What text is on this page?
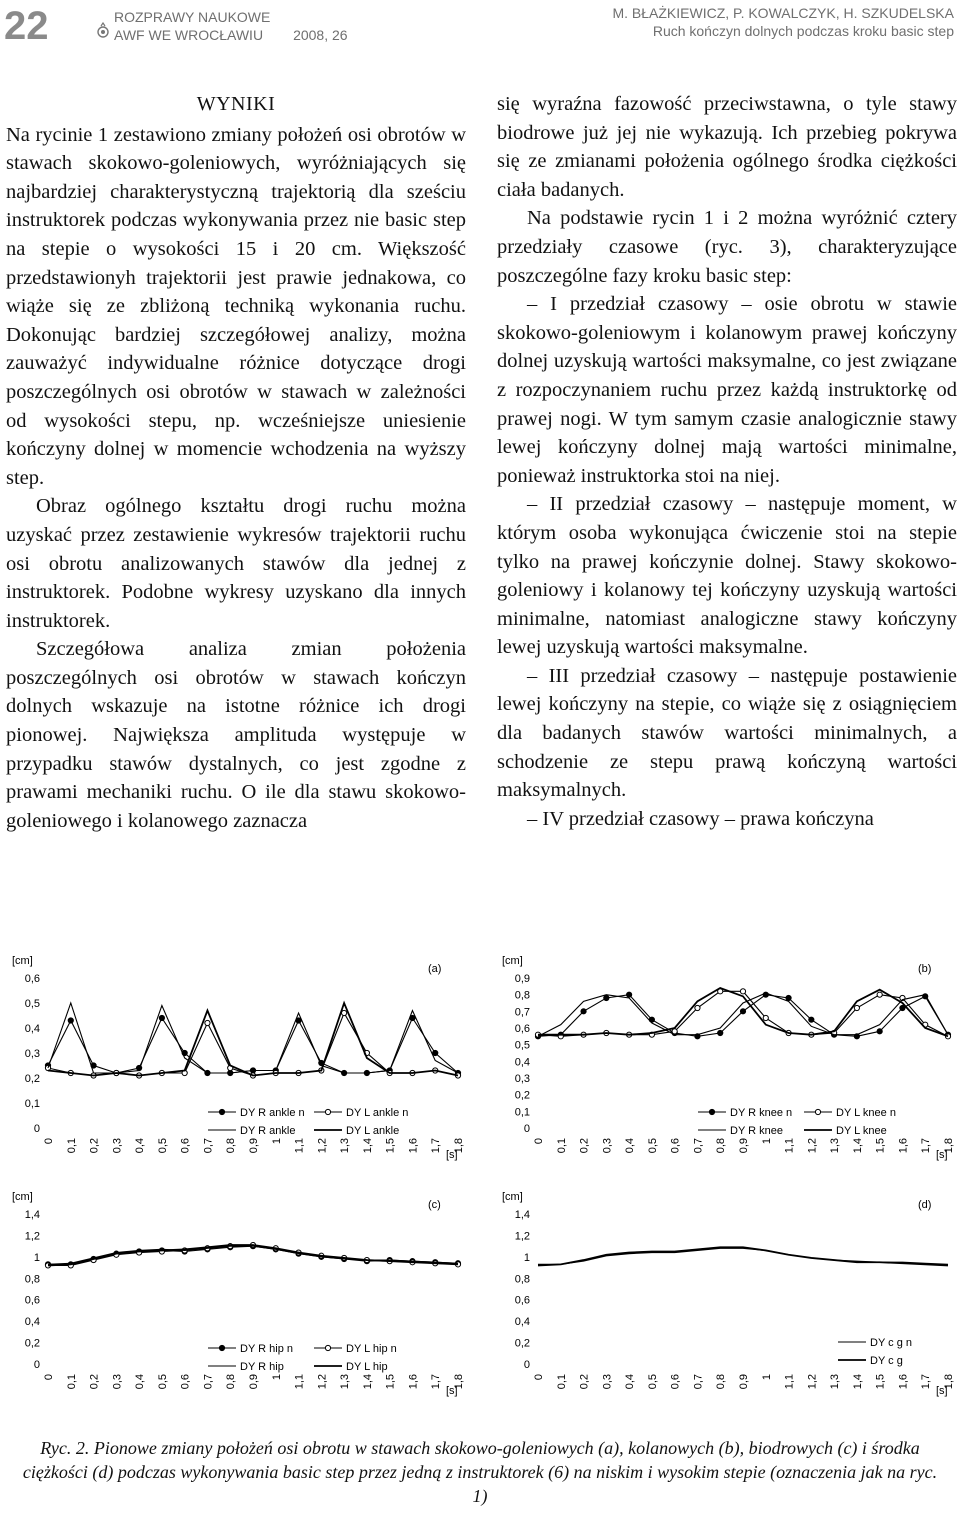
22	ROZPRAWY NAUKOWE
AWF WE WROCŁAWIU 2008, 26
M. BŁAŻKIEWICZ, P. KOWALCZYK, H. SZKUDELSKA
Ruch kończyn dolnych podczas kroku basic step
WYNIKI

Na rycinie 1 zestawiono zmiany położeń osi obrotów w stawach skokowo-goleniowych, wyróżniających się najbardziej charakterystyczną trajektorią dla sześciu instruktorek podczas wykonywania przez nie basic step na stepie o wysokości 15 i 20 cm. Większość przedstawionyh trajektorii jest prawie jednakowa, co wiąże się ze zbliżoną techniką wykonania ruchu. Dokonując bardziej szczegółowej analizy, można zauważyć indywidualne różnice dotyczące drogi poszczególnych osi obrotów w stawach w zależności od wysokości stepu, np. wcześniejsze uniesienie kończyny dolnej w momencie wchodzenia na wyższy step.

Obraz ogólnego kształtu drogi ruchu można uzyskać przez zestawienie wykresów trajektorii ruchu osi obrotu analizowanych stawów dla jednej z instruktorek. Podobne wykresy uzyskano dla innych instruktorek.

Szczegółowa analiza zmian położenia poszczególnych osi obrotów w stawach kończyn dolnych wskazuje na istotne różnice ich drogi pionowej. Największa amplituda występuje w przypadku stawów dystalnych, co jest zgodne z prawami mechaniki ruchu. O ile dla stawu skokowo-goleniowego i kolanowego zaznacza

się wyraźna fazowość przeciwstawna, o tyle stawy biodrowe już jej nie wykazują. Ich przebieg pokrywa się ze zmianami położenia ogólnego środka ciężkości ciała badanych.

Na podstawie rycin 1 i 2 można wyróżnić cztery przedziały czasowe (ryc. 3), charakteryzujące poszczególne fazy kroku basic step:

– I przedział czasowy – osie obrotu w stawie skokowo-goleniowym i kolanowym prawej kończyny dolnej uzyskują wartości maksymalne, co jest związane z rozpoczynaniem ruchu przez każdą instruktorkę od prawej nogi. W tym samym czasie analogicznie stawy lewej kończyny dolnej mają wartości minimalne, ponieważ instruktorka stoi na niej.

– II przedział czasowy – następuje moment, w którym osoba wykonująca ćwiczenie stoi na stepie tylko na prawej kończynie dolnej. Stawy skokowo-goleniowy i kolanowy tej kończyny uzyskują wartości minimalne, natomiast analogiczne stawy kończyny lewej uzyskują wartości maksymalne.

– III przedział czasowy – następuje postawienie lewej kończyny na stepie, co wiąże się z osiągnięciem dla badanych stawów wartości minimalnych, a schodzenie ze stepu prawą kończyną wartości maksymalnych.

– IV przedział czasowy – prawa kończyna

[cm]
(a)
0
0,1
0,2
0,3
0,4
0,5
0,6
0 0,1 0,2 0,3 0,4 0,5 0,6 0,7 0,8 0,9 1 1,1 1,2 1,3 1,4 1,5 1,6 1,7 1,8
[s]
DY R ankle n	DY L ankle n
DY R ankle	DY L ankle
[cm]
(b)
0
0,1
0,2
0,3
0,4
0,5
0,6
0,7
0,8
0,9
0 0,1 0,2 0,3 0,4 0,5 0,6 0,7 0,8 0,9 1 1,1 1,2 1,3 1,4 1,5 1,6 1,7 1,8
[s]
DY R knee n	DY L knee n
DY R knee	DY L knee
[cm]
(c)
0
0,2
0,4
0,6
0,8
1
1,2
1,4
0 0,1 0,2 0,3 0,4 0,5 0,6 0,7 0,8 0,9 1 1,1 1,2 1,3 1,4 1,5 1,6 1,7 1,8
[s]
DY R hip n	DY L hip n
DY R hip	DY L hip
[cm]
(d)
0
0,2
0,4
0,6
0,8
1
1,2
1,4
0 0,1 0,2 0,3 0,4 0,5 0,6 0,7 0,8 0,9 1 1,1 1,2 1,3 1,4 1,5 1,6 1,7 1,8
[s]
DY c g n
DY c g
Ryc. 2. Pionowe zmiany położeń osi obrotu w stawach skokowo-goleniowych (a), kolanowych (b), biodrowych (c) i środka ciężkości (d) podczas wykonywania basic step przez jedną z instruktorek (6) na niskim i wysokim stepie (oznaczenia jak na ryc. 1)
